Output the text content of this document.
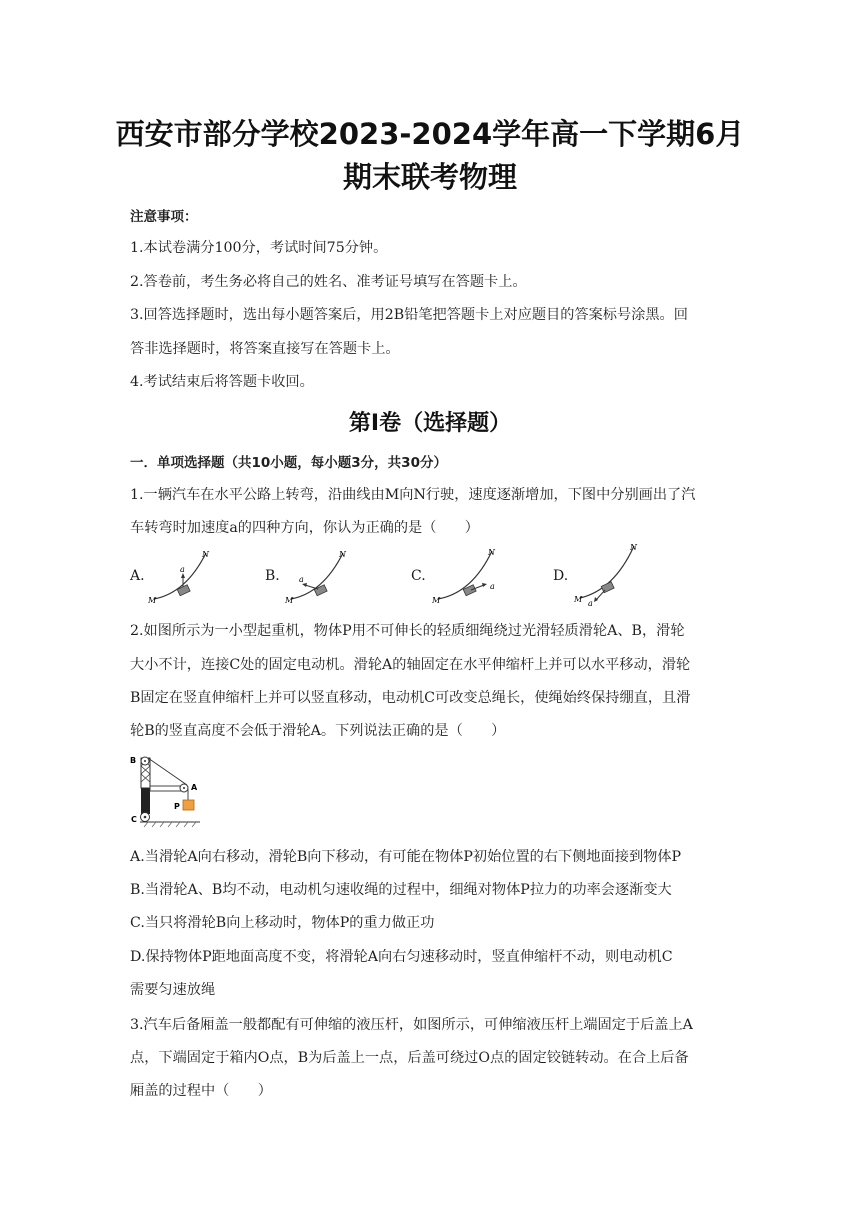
西安市部分学校2023-2024学年高一下学期6月
期末联考物理
注意事项：
1.本试卷满分100分，考试时间75分钟。
2.答卷前，考生务必将自己的姓名、准考证号填写在答题卡上。
3.回答选择题时，选出每小题答案后，用2B铅笔把答题卡上对应题目的答案标号涂黑。回
答非选择题时，将答案直接写在答题卡上。
4.考试结束后将答题卡收回。
第Ⅰ卷（选择题）
一．单项选择题（共10小题，每小题3分，共30分）
1.一辆汽车在水平公路上转弯，沿曲线由M向N行驶，速度逐渐增加，下图中分别画出了汽
车转弯时加速度a的四种方向，你认为正确的是（　　）
A.	a
M
N
B. a
M
N
C.
a
M
N
D.
a
M
N
2.如图所示为一小型起重机，物体P用不可伸长的轻质细绳绕过光滑轻质滑轮A、B，滑轮
大小不计，连接C处的固定电动机。滑轮A的轴固定在水平伸缩杆上并可以水平移动，滑轮
B固定在竖直伸缩杆上并可以竖直移动，电动机C可改变总绳长，使绳始终保持绷直，且滑
轮B的竖直高度不会低于滑轮A。下列说法正确的是（　　）
B
A
C
P
A.当滑轮A向右移动，滑轮B向下移动，有可能在物体P初始位置的右下侧地面接到物体P
B.当滑轮A、B均不动，电动机匀速收绳的过程中，细绳对物体P拉力的功率会逐渐变大
C.当只将滑轮B向上移动时，物体P的重力做正功
D.保持物体P距地面高度不变，将滑轮A向右匀速移动时，竖直伸缩杆不动，则电动机C
需要匀速放绳
3.汽车后备厢盖一般都配有可伸缩的液压杆，如图所示，可伸缩液压杆上端固定于后盖上A
点，下端固定于箱内O点，B为后盖上一点，后盖可绕过O点的固定铰链转动。在合上后备
厢盖的过程中（　　）
